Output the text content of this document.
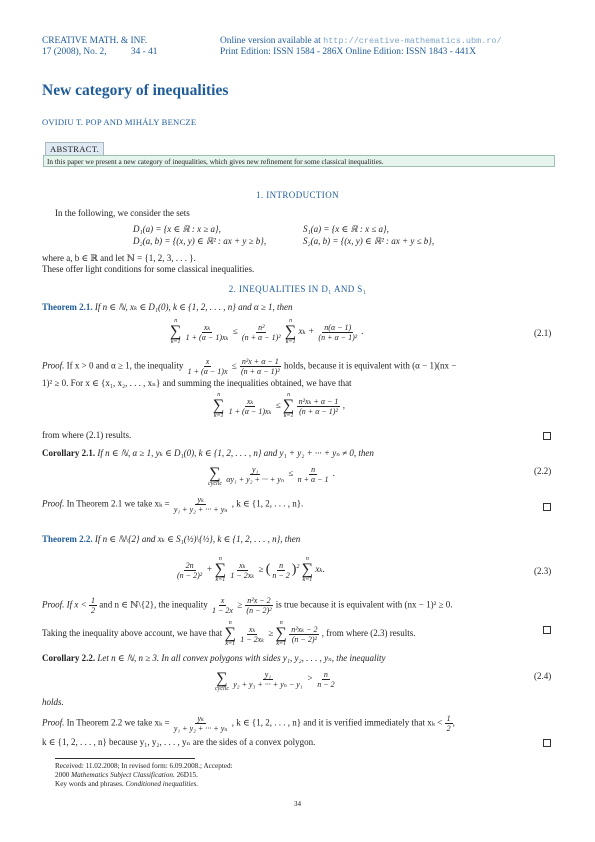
CREATIVE MATH. & INF.
17 (2008), No. 2,	34 - 41
Online version available at http://creative-mathematics.ubm.ro/
Print Edition: ISSN 1584 - 286X Online Edition: ISSN 1843 - 441X
New category of inequalities
OVIDIU T. POP AND MIHÁLY BENCZE
ABSTRACT.
In this paper we present a new category of inequalities, which gives new refinement for some classical inequalities.
1. INTRODUCTION
In the following, we consider the sets
D₁(a) = {x ∈ ℝ : x ≥ a},	S₁(a) = {x ∈ ℝ : x ≤ a},
D₂(a, b) = {(x, y) ∈ ℝ² : ax + y ≥ b},	S₂(a, b) = {(x, y) ∈ ℝ² : ax + y ≤ b},
where a, b ∈ ℝ and let ℕ = {1, 2, 3, . . . }.
These offer light conditions for some classical inequalities.
2. INEQUALITIES IN D₁ AND S₁
Theorem 2.1. If n ∈ ℕ, xₖ ∈ D₁(0), k ∈ {1, 2, . . . , n} and α ≥ 1, then
n
∑
k=1

$\frac{\text{xₖ}}{\text{1 + (α − 1)xₖ}} \le \frac{\text{n²}}{\text{(n + α − 1)²}}$

n
∑
k=1
$x_k + \frac{n(\alpha - 1)}{\text{(n + α − 1)²}}$ .	(2.1)
Proof. If x > 0 and α ≥ 1, the inequality $\frac{x}{1 + (\alpha - 1)x} \le \frac{\text{n²x + α − 1}}{\text{(n + α − 1)²}}$ holds, because it is equivalent with (α − 1)(nx −
1)² ≥ 0. For x ∈ {x₁, x₂, . . . , xₙ} and summing the inequalities obtained, we have that
n
∑
k=1

$\frac{\text{xₖ}}{\text{1 + (α − 1)xₖ}}$ ≤
n
∑
k=1

$\frac{\text{n²xₖ + α − 1}}{\text{(n + α − 1)²}}$ ,
from where (2.1) results.
Corollary 2.1. If n ∈ ℕ, α ≥ 1, yₖ ∈ D₁(0), k ∈ {1, 2, . . . , n} and y₁ + y₂ + ··· + yₙ ≠ 0, then

∑
cyclic

$\frac{\text{y₁}}{\text{αy₁ + y₂ + ··· + yₙ}} \le \frac{n}{n + \alpha - 1}$ .	(2.2)
Proof. In Theorem 2.1 we take $x_k = \frac{\text{yₖ}}{\text{y₁ + y₂ + ··· + yₙ}}$ , k ∈ {1, 2, . . . , n}.
Theorem 2.2. If n ∈ ℕ\{2} and xₖ ∈ S₁(½)\{½}, k ∈ {1, 2, . . . , n}, then
$\frac{2n}{\text{(n − 2)²}}$ +
n
∑
k=1

$\frac{\text{xₖ}}{\text{1 − 2xₖ}}$ ≥ ( $\frac{n}{n - 2} )^2$
n
∑
k=1
xₖ.	(2.3)
Proof. If $x < \frac{1}{2}$ and n ∈ ℕ\{2}, the inequality $\frac{x}{1 - 2x} \ge \frac{\text{n²x − 2}}{\text{(n − 2)²}}$ is true because it is equivalent with (nx − 1)² ≥ 0.
Taking the inequality above account, we have that
n
∑
k=1

$\frac{\text{xₖ}}{\text{1 − 2xₖ}}$ ≥
n
∑
k=1

$\frac{\text{n²xₖ − 2}}{\text{(n − 2)²}}$ , from where (2.3) results.
Corollary 2.2. Let n ∈ ℕ, n ≥ 3. In all convex polygons with sides y₁, y₂, . . . , yₙ, the inequality

∑
cyclic

$\frac{\text{y₁}}{\text{y₂ + y₃ + ··· + yₙ − y₁}} > \frac{n}{n - 2}$	(2.4)
holds.
Proof. In Theorem 2.2 we take $x_k = \frac{\text{yₖ}}{\text{y₁ + y₂ + ··· + yₙ}}$ , k ∈ {1, 2, . . . , n} and it is verified immediately that $x_k < \frac{1}{2}$ ,
k ∈ {1, 2, . . . , n} because y₁, y₂, . . . , yₙ are the sides of a convex polygon.
Received: 11.02.2008; In revised form: 6.09.2008.; Accepted:
2000 Mathematics Subject Classification. 26D15.
Key words and phrases. Conditioned inequalities.
34
